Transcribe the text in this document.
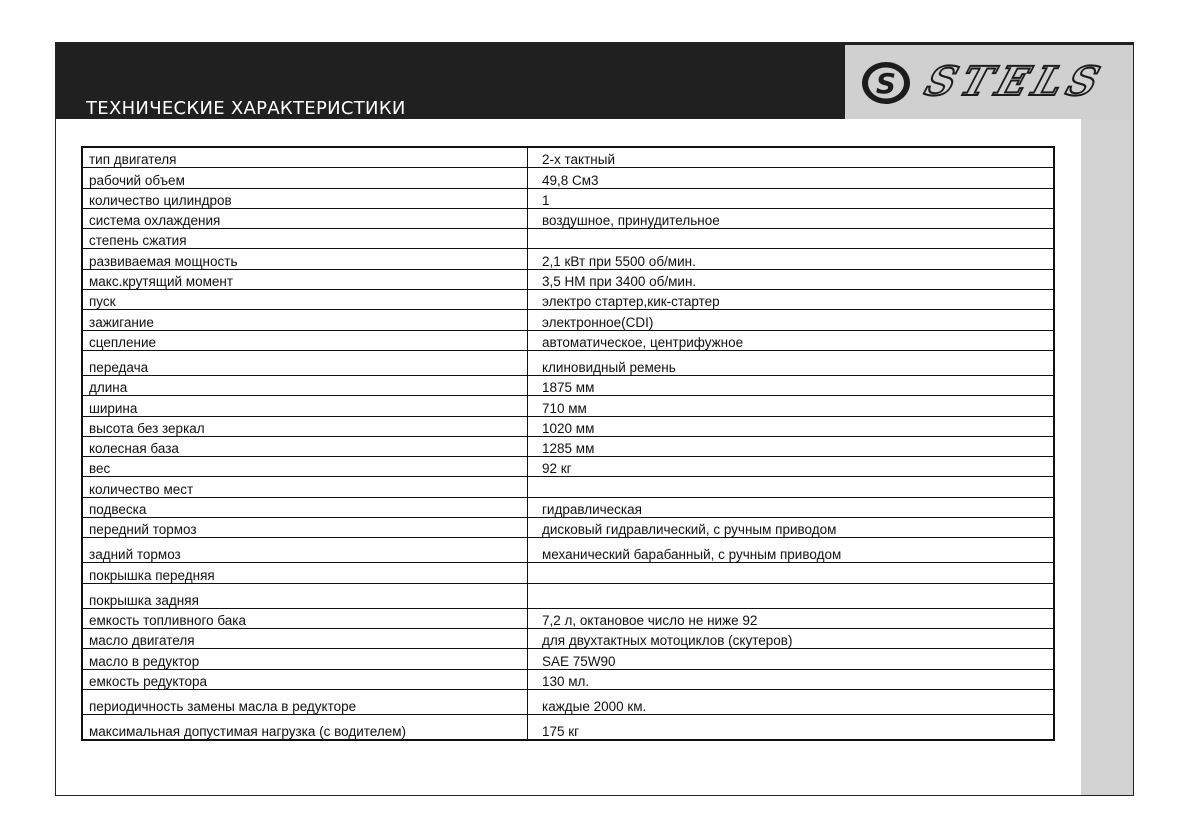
ТЕХНИЧЕСКИЕ ХАРАКТЕРИСТИКИ
S STELS
тип двигателя	2-х тактный
рабочий объем	49,8 См3
количество цилиндров	1
система охлаждения	воздушное, принудительное
степень сжатия	
развиваемая мощность	2,1 кВт при 5500 об/мин.
макс.крутящий момент	3,5 НМ при 3400 об/мин.
пуск	электро стартер,кик-стартер
зажигание	электронное(CDI)
сцепление	автоматическое, центрифужное
передача	клиновидный ремень
длина	1875 мм
ширина	710 мм
высота без зеркал	1020 мм
колесная база	1285 мм
вес	92 кг
количество мест	
подвеска	гидравлическая
передний тормоз	дисковый гидравлический, с ручным приводом
задний тормоз	механический барабанный, с ручным приводом
покрышка передняя	
покрышка задняя	
емкость топливного бака	7,2 л, октановое число не ниже 92
масло двигателя	для двухтактных мотоциклов (скутеров)
масло в редуктор	SAE 75W90
емкость редуктора	130 мл.
периодичность замены масла в редукторе	каждые 2000 км.
максимальная допустимая нагрузка (с водителем)	175 кг
